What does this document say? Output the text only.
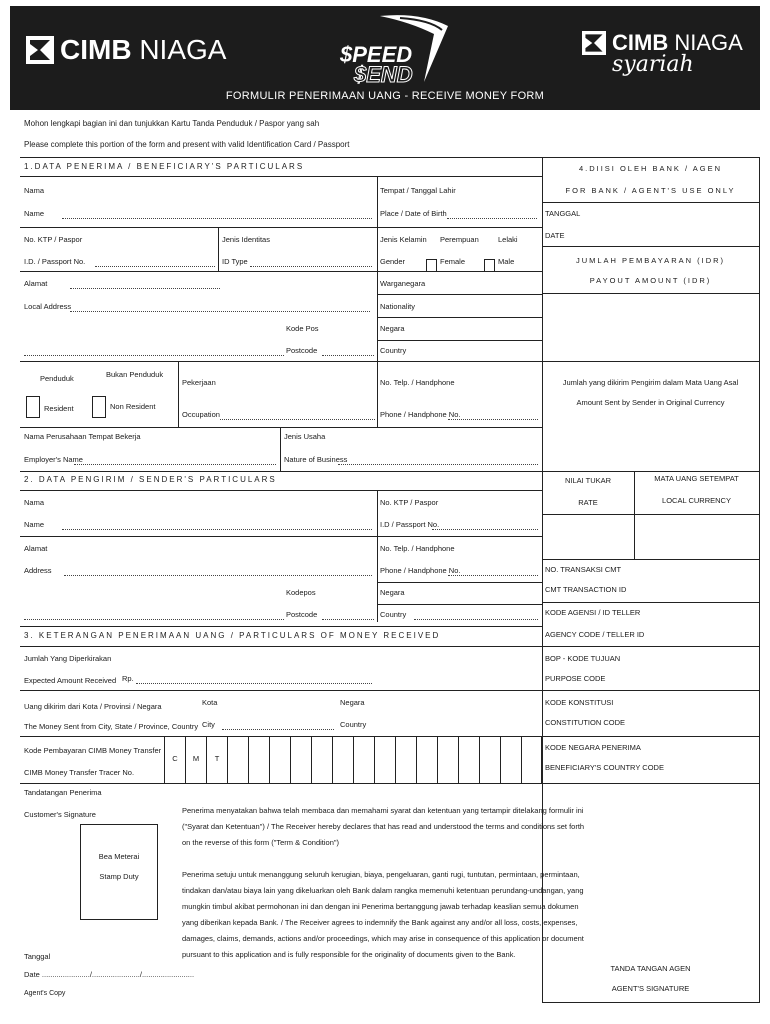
CIMB NIAGA	$PEED
$END
CIMB NIAGA
syariah
FORMULIR PENERIMAAN UANG - RECEIVE MONEY FORM
Mohon lengkapi bagian ini dan tunjukkan Kartu Tanda Penduduk / Paspor yang sah
Please complete this portion of the form and present with valid Identification Card / Passport
1.DATA PENERIMA / BENEFICIARY'S PARTICULARS
Nama
Name
Tempat / Tanggal Lahir
Place / Date of Birth
No. KTP / Paspor
I.D. / Passport No.
Jenis Identitas
ID Type
Jenis Kelamin Perempuan	Lelaki
Gender	Female	Male
Alamat
Local Address
Warganegara
Nationality
Kode Pos
Postcode
Negara
Country
Penduduk	Bukan Penduduk
Resident	Non Resident
Pekerjaan
Occupation
No. Telp. / Handphone
Phone / Handphone No.
Nama Perusahaan Tempat Bekerja
Employer's Name
Jenis Usaha
Nature of Business
2. DATA PENGIRIM / SENDER'S PARTICULARS
Nama
Name
No. KTP / Paspor
I.D / Passport No.
Alamat
Address
No. Telp. / Handphone
Phone / Handphone No.
Kodepos
Postcode
Negara
Country
3. KETERANGAN PENERIMAAN UANG / PARTICULARS OF MONEY RECEIVED
Jumlah Yang Diperkirakan
Expected Amount Received Rp.
Uang dikirim dari Kota / Provinsi / Negara
The Money Sent from City, State / Province, Country
Kota
City
Negara
Country
Kode Pembayaran CIMB Money Transfer
CIMB Money Transfer Tracer No.
Tandatangan Penerima
Customer's Signature
Bea Meterai
Stamp Duty
Tanggal
Date ......................./......................./.........................
Agent's Copy
Penerima menyatakan bahwa telah membaca dan memahami syarat dan ketentuan yang tertampir ditelakang formulir ini
("Syarat dan Ketentuan") / The Receiver hereby declares that has read and understood the terms and conditions set forth
on the reverse of this form ("Term & Condition")
Penerima setuju untuk menanggung seluruh kerugian, biaya, pengeluaran, ganti rugi, tuntutan, permintaan, permintaan,
tindakan dan/atau biaya lain yang dikeluarkan oleh Bank dalam rangka memenuhi ketentuan perundang-undangan, yang
mungkin timbul akibat permohonan ini dan dengan ini Penerima bertanggung jawab terhadap keaslian semua dokumen
yang diberikan kepada Bank. / The Receiver agrees to indemnify the Bank against any and/or all loss, costs, expenses,
damages, claims, demands, actions and/or proceedings, which may arise in consequence of this application or document
pursuant to this application and is fully responsible for the originality of documents given to the Bank.
4.DIISI OLEH BANK / AGEN
FOR BANK / AGENT'S USE ONLY
TANGGAL
DATE
JUMLAH PEMBAYARAN (IDR)
PAYOUT AMOUNT (IDR)
Jumlah yang dikirim Pengirim dalam Mata Uang Asal
Amount Sent by Sender in Original Currency
NILAI TUKAR
RATE
MATA UANG SETEMPAT
LOCAL CURRENCY
NO. TRANSAKSI CMT
CMT TRANSACTION ID
KODE AGENSI / ID TELLER
AGENCY CODE / TELLER ID
BOP - KODE TUJUAN
PURPOSE CODE
KODE KONSTITUSI
CONSTITUTION CODE
KODE NEGARA PENERIMA
BENEFICIARY'S COUNTRY CODE
TANDA TANGAN AGEN
AGENT'S SIGNATURE
C	M	T
